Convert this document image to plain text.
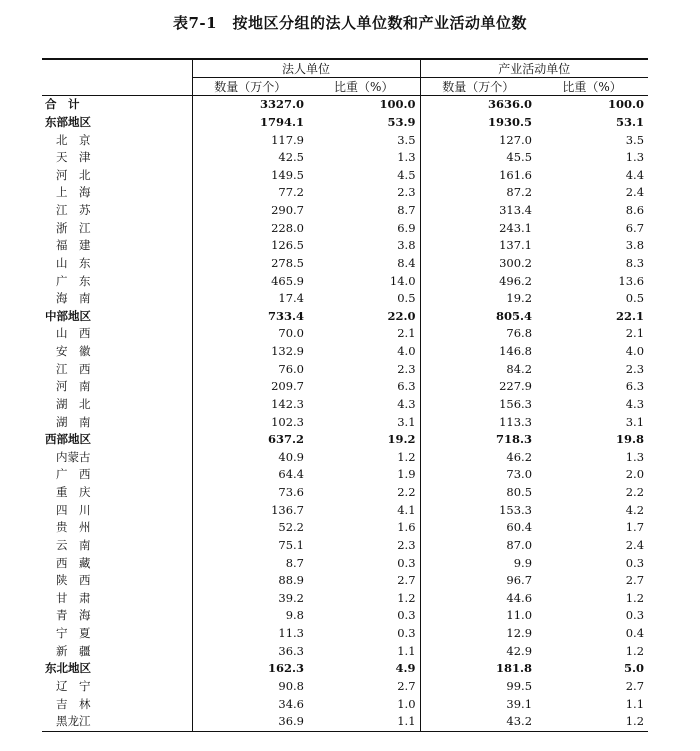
表7-1　按地区分组的法人单位数和产业活动单位数
	法人单位		产业活动单位	
	数量（万个）	比重（%）	数量（万个）	比重（%）
合　计	3327.0	100.0	3636.0	100.0
东部地区	1794.1	53.9	1930.5	53.1
北　京	117.9	3.5	127.0	3.5
天　津	42.5	1.3	45.5	1.3
河　北	149.5	4.5	161.6	4.4
上　海	77.2	2.3	87.2	2.4
江　苏	290.7	8.7	313.4	8.6
浙　江	228.0	6.9	243.1	6.7
福　建	126.5	3.8	137.1	3.8
山　东	278.5	8.4	300.2	8.3
广　东	465.9	14.0	496.2	13.6
海　南	17.4	0.5	19.2	0.5
中部地区	733.4	22.0	805.4	22.1
山　西	70.0	2.1	76.8	2.1
安　徽	132.9	4.0	146.8	4.0
江　西	76.0	2.3	84.2	2.3
河　南	209.7	6.3	227.9	6.3
湖　北	142.3	4.3	156.3	4.3
湖　南	102.3	3.1	113.3	3.1
西部地区	637.2	19.2	718.3	19.8
内蒙古	40.9	1.2	46.2	1.3
广　西	64.4	1.9	73.0	2.0
重　庆	73.6	2.2	80.5	2.2
四　川	136.7	4.1	153.3	4.2
贵　州	52.2	1.6	60.4	1.7
云　南	75.1	2.3	87.0	2.4
西　藏	8.7	0.3	9.9	0.3
陕　西	88.9	2.7	96.7	2.7
甘　肃	39.2	1.2	44.6	1.2
青　海	9.8	0.3	11.0	0.3
宁　夏	11.3	0.3	12.9	0.4
新　疆	36.3	1.1	42.9	1.2
东北地区	162.3	4.9	181.8	5.0
辽　宁	90.8	2.7	99.5	2.7
吉　林	34.6	1.0	39.1	1.1
黑龙江	36.9	1.1	43.2	1.2
